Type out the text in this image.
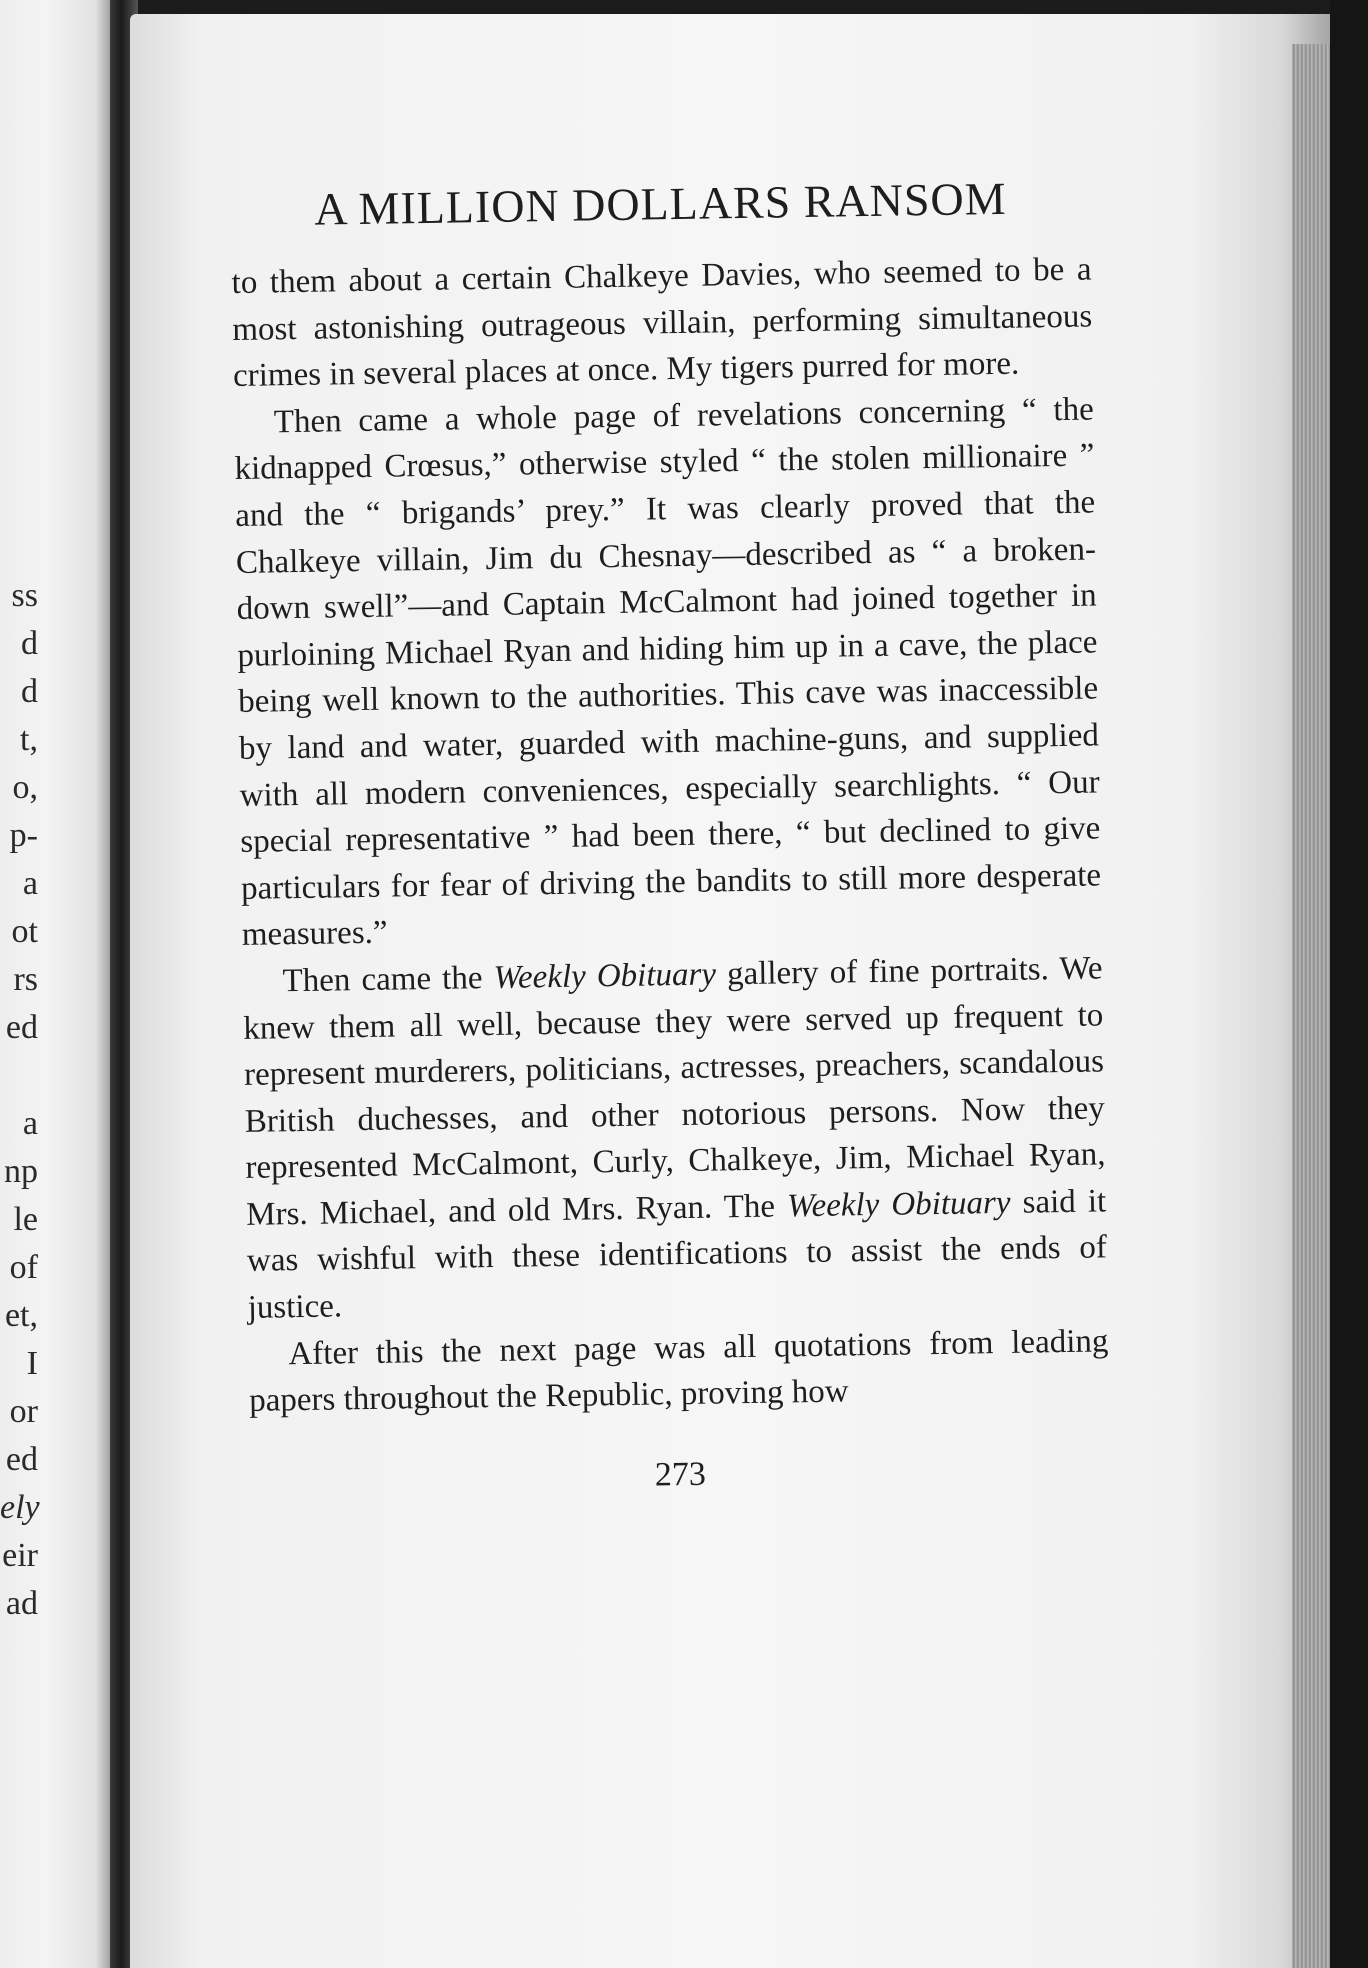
ss
d
d
t,
o,
p-
a
ot
rs
ed
a
np
le
of
et,
I
or
ed
ely
eir
ad
A MILLION DOLLARS RANSOM

to them about a certain Chalkeye Davies, who seemed to be a most astonishing outrageous villain, performing simultaneous crimes in several places at once. My tigers purred for more.

Then came a whole page of revelations concerning “ the kidnapped Crœsus,” otherwise styled “ the stolen millionaire ” and the “ brigands’ prey.” It was clearly proved that the Chalkeye villain, Jim du Chesnay—described as “ a broken-down swell”—and Captain McCalmont had joined together in purloining Michael Ryan and hiding him up in a cave, the place being well known to the authorities. This cave was inaccessible by land and water, guarded with machine-guns, and supplied with all modern conveniences, especially searchlights. “ Our special representative ” had been there, “ but declined to give particulars for fear of driving the bandits to still more desperate measures.”

Then came the Weekly Obituary gallery of fine portraits. We knew them all well, because they were served up frequent to represent murderers, politicians, actresses, preachers, scandalous British duchesses, and other notorious persons. Now they represented McCalmont, Curly, Chalkeye, Jim, Michael Ryan, Mrs. Michael, and old Mrs. Ryan. The Weekly Obituary said it was wishful with these identifications to assist the ends of justice.

After this the next page was all quotations from leading papers throughout the Republic, proving how

273
